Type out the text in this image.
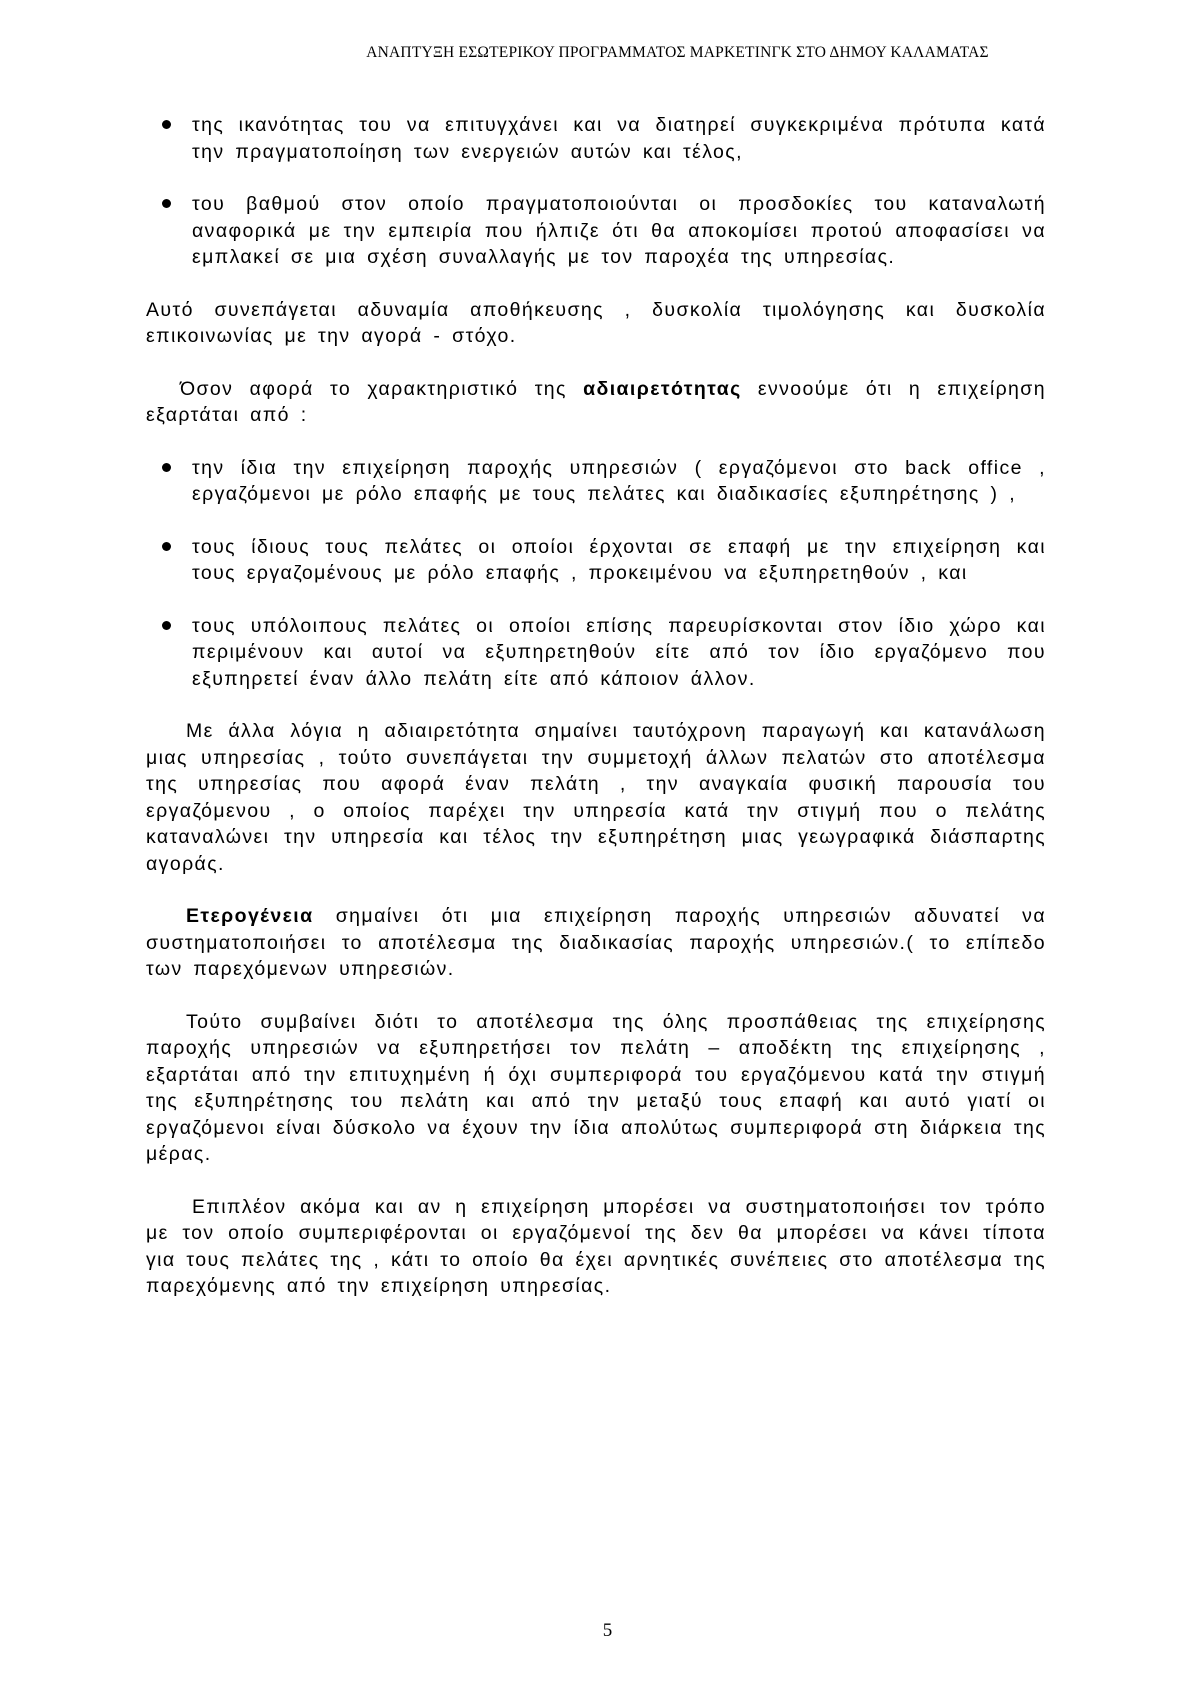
ΑΝΑΠΤΥΞΗ ΕΣΩΤΕΡΙΚΟΥ ΠΡΟΓΡΑΜΜΑΤΟΣ ΜΑΡΚΕΤΙΝΓΚ ΣΤΟ ΔΗΜΟΥ ΚΑΛΑΜΑΤΑΣ
της ικανότητας του να επιτυγχάνει και να διατηρεί συγκεκριμένα πρότυπα κατά την πραγματοποίηση των ενεργειών αυτών και τέλος,
του βαθμού στον οποίο πραγματοποιούνται οι προσδοκίες του καταναλωτή αναφορικά με την εμπειρία που ήλπιζε ότι θα αποκομίσει προτού αποφασίσει να εμπλακεί σε μια σχέση συναλλαγής με τον παροχέα της υπηρεσίας.

Αυτό συνεπάγεται αδυναμία αποθήκευσης , δυσκολία τιμολόγησης και δυσκολία επικοινωνίας με την αγορά - στόχο.

Όσον αφορά το χαρακτηριστικό της αδιαιρετότητας εννοούμε ότι η επιχείρηση εξαρτάται από :

την ίδια την επιχείρηση παροχής υπηρεσιών ( εργαζόμενοι στο back office , εργαζόμενοι με ρόλο επαφής με τους πελάτες και διαδικασίες εξυπηρέτησης ) ,
τους ίδιους τους πελάτες οι οποίοι έρχονται σε επαφή με την επιχείρηση και τους εργαζομένους με ρόλο επαφής , προκειμένου να εξυπηρετηθούν , και
τους υπόλοιπους πελάτες οι οποίοι επίσης παρευρίσκονται στον ίδιο χώρο και περιμένουν και αυτοί να εξυπηρετηθούν είτε από τον ίδιο εργαζόμενο που εξυπηρετεί έναν άλλο πελάτη είτε από κάποιον άλλον.

Με άλλα λόγια η αδιαιρετότητα σημαίνει ταυτόχρονη παραγωγή και κατανάλωση μιας υπηρεσίας , τούτο συνεπάγεται την συμμετοχή άλλων πελατών στο αποτέλεσμα της υπηρεσίας που αφορά έναν πελάτη , την αναγκαία φυσική παρουσία του εργαζόμενου , ο οποίος παρέχει την υπηρεσία κατά την στιγμή που ο πελάτης καταναλώνει την υπηρεσία και τέλος την εξυπηρέτηση μιας γεωγραφικά διάσπαρτης αγοράς.

Ετερογένεια σημαίνει ότι μια επιχείρηση παροχής υπηρεσιών αδυνατεί να συστηματοποιήσει το αποτέλεσμα της διαδικασίας παροχής υπηρεσιών.( το επίπεδο των παρεχόμενων υπηρεσιών.

Τούτο συμβαίνει διότι το αποτέλεσμα της όλης προσπάθειας της επιχείρησης παροχής υπηρεσιών να εξυπηρετήσει τον πελάτη – αποδέκτη της επιχείρησης , εξαρτάται από την επιτυχημένη ή όχι συμπεριφορά του εργαζόμενου κατά την στιγμή της εξυπηρέτησης του πελάτη και από την μεταξύ τους επαφή και αυτό γιατί οι εργαζόμενοι είναι δύσκολο να έχουν την ίδια απολύτως συμπεριφορά στη διάρκεια της μέρας.

Επιπλέον ακόμα και αν η επιχείρηση μπορέσει να συστηματοποιήσει τον τρόπο με τον οποίο συμπεριφέρονται οι εργαζόμενοί της δεν θα μπορέσει να κάνει τίποτα για τους πελάτες της , κάτι το οποίο θα έχει αρνητικές συνέπειες στο αποτέλεσμα της παρεχόμενης από την επιχείρηση υπηρεσίας.

5
